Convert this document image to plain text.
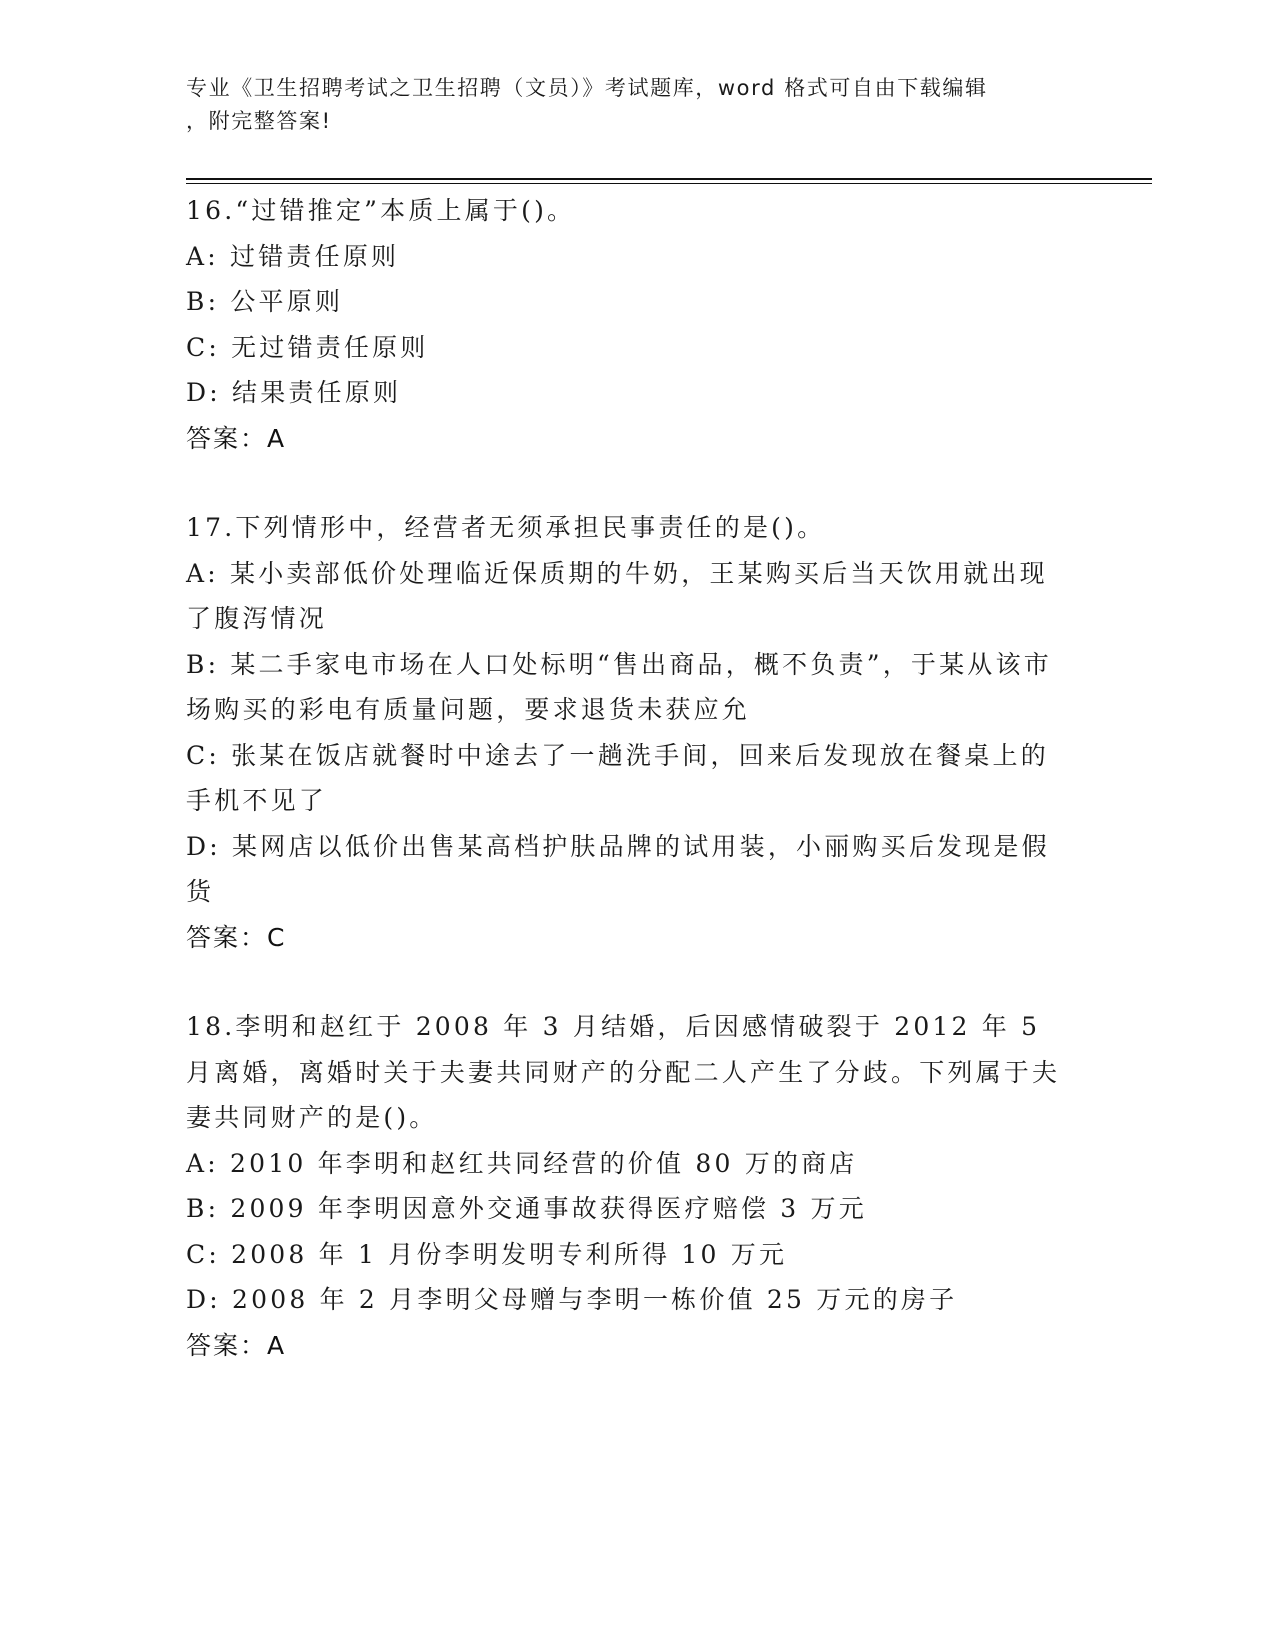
专业《卫生招聘考试之卫生招聘（文员）》考试题库，word 格式可自由下载编辑
，附完整答案!
16.“过错推定”本质上属于()。
A: 过错责任原则
B: 公平原则
C: 无过错责任原则
D: 结果责任原则
答案：A
17.下列情形中，经营者无须承担民事责任的是()。
A: 某小卖部低价处理临近保质期的牛奶，王某购买后当天饮用就出现了腹泻情况
B: 某二手家电市场在人口处标明“售出商品，概不负责”，于某从该市场购买的彩电有质量问题，要求退货未获应允
C: 张某在饭店就餐时中途去了一趟洗手间，回来后发现放在餐桌上的手机不见了
D: 某网店以低价出售某高档护肤品牌的试用装，小丽购买后发现是假货
答案：C
18.李明和赵红于 2008 年 3 月结婚，后因感情破裂于 2012 年 5 月离婚，离婚时关于夫妻共同财产的分配二人产生了分歧。下列属于夫妻共同财产的是()。
A: 2010 年李明和赵红共同经营的价值 80 万的商店
B: 2009 年李明因意外交通事故获得医疗赔偿 3 万元
C: 2008 年 1 月份李明发明专利所得 10 万元
D: 2008 年 2 月李明父母赠与李明一栋价值 25 万元的房子
答案：A
